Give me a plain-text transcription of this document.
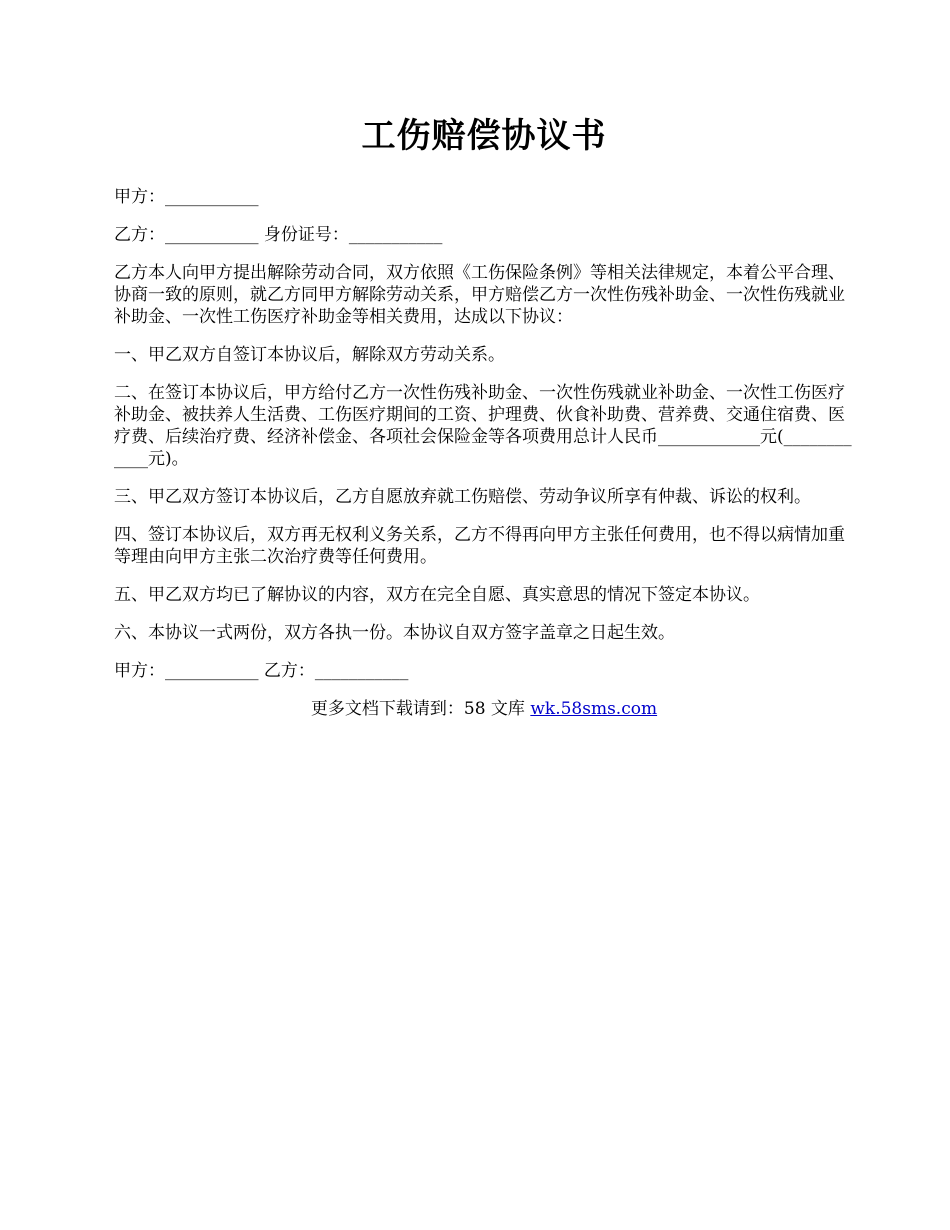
工伤赔偿协议书

甲方：___________

乙方：___________ 身份证号：___________

乙方本人向甲方提出解除劳动合同，双方依照《工伤保险条例》等相关法律规定，本着公平合理、协商一致的原则，就乙方同甲方解除劳动关系，甲方赔偿乙方一次性伤残补助金、一次性伤残就业补助金、一次性工伤医疗补助金等相关费用，达成以下协议：

一、甲乙双方自签订本协议后，解除双方劳动关系。

二、在签订本协议后，甲方给付乙方一次性伤残补助金、一次性伤残就业补助金、一次性工伤医疗补助金、被扶养人生活费、工伤医疗期间的工资、护理费、伙食补助费、营养费、交通住宿费、医疗费、后续治疗费、经济补偿金、各项社会保险金等各项费用总计人民币____________元(____________元)。

三、甲乙双方签订本协议后，乙方自愿放弃就工伤赔偿、劳动争议所享有仲裁、诉讼的权利。

四、签订本协议后，双方再无权利义务关系，乙方不得再向甲方主张任何费用，也不得以病情加重等理由向甲方主张二次治疗费等任何费用。

五、甲乙双方均已了解协议的内容，双方在完全自愿、真实意思的情况下签定本协议。

六、本协议一式两份，双方各执一份。本协议自双方签字盖章之日起生效。

甲方：___________ 乙方：___________

更多文档下载请到：58 文库 wk.58sms.com
